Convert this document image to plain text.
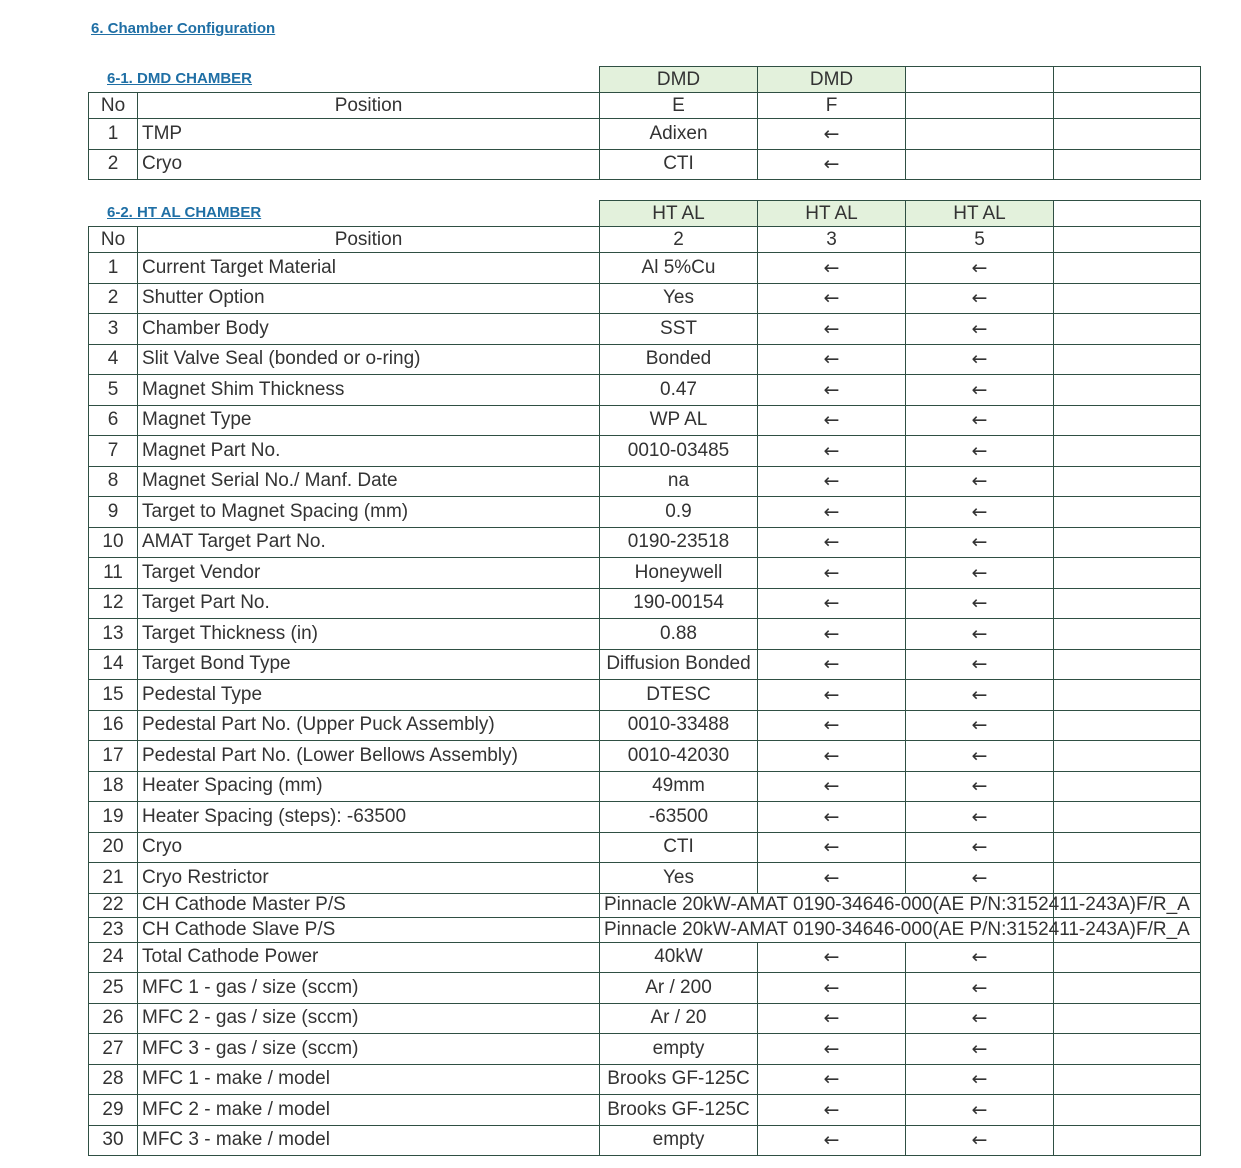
6. Chamber Configuration
6-1. DMD CHAMBER
		DMD	DMD		
No	Position	E	F		
1	TMP	Adixen	←		
2	Cryo	CTI	←		
6-2. HT AL CHAMBER
		HT AL	HT AL	HT AL	
No	Position	2	3	5	
1	Current Target Material	Al 5%Cu	←	←	
2	Shutter Option	Yes	←	←	
3	Chamber Body	SST	←	←	
4	Slit Valve Seal (bonded or o-ring)	Bonded	←	←	
5	Magnet Shim Thickness	0.47	←	←	
6	Magnet Type	WP AL	←	←	
7	Magnet Part No.	0010-03485	←	←	
8	Magnet Serial No./ Manf. Date	na	←	←	
9	Target to Magnet Spacing (mm)	0.9	←	←	
10	AMAT Target Part No.	0190-23518	←	←	
11	Target Vendor	Honeywell	←	←	
12	Target Part No.	190-00154	←	←	
13	Target Thickness (in)	0.88	←	←	
14	Target Bond Type	Diffusion Bonded	←	←	
15	Pedestal Type	DTESC	←	←	
16	Pedestal Part No. (Upper Puck Assembly)	0010-33488	←	←	
17	Pedestal Part No. (Lower Bellows Assembly)	0010-42030	←	←	
18	Heater Spacing (mm)	49mm	←	←	
19	Heater Spacing (steps): -63500	-63500	←	←	
20	Cryo	CTI	←	←	
21	Cryo Restrictor	Yes	←	←	
22	CH Cathode Master P/S	Pinnacle 20kW-AMAT 0190-34646-000(AE P/N:3152411-243A)F/R_A			
23	CH Cathode Slave P/S	Pinnacle 20kW-AMAT 0190-34646-000(AE P/N:3152411-243A)F/R_A			
24	Total Cathode Power	40kW	←	←	
25	MFC 1 - gas / size (sccm)	Ar / 200	←	←	
26	MFC 2 - gas / size (sccm)	Ar / 20	←	←	
27	MFC 3 - gas / size (sccm)	empty	←	←	
28	MFC 1 - make / model	Brooks GF-125C	←	←	
29	MFC 2 - make / model	Brooks GF-125C	←	←	
30	MFC 3 - make / model	empty	←	←	
